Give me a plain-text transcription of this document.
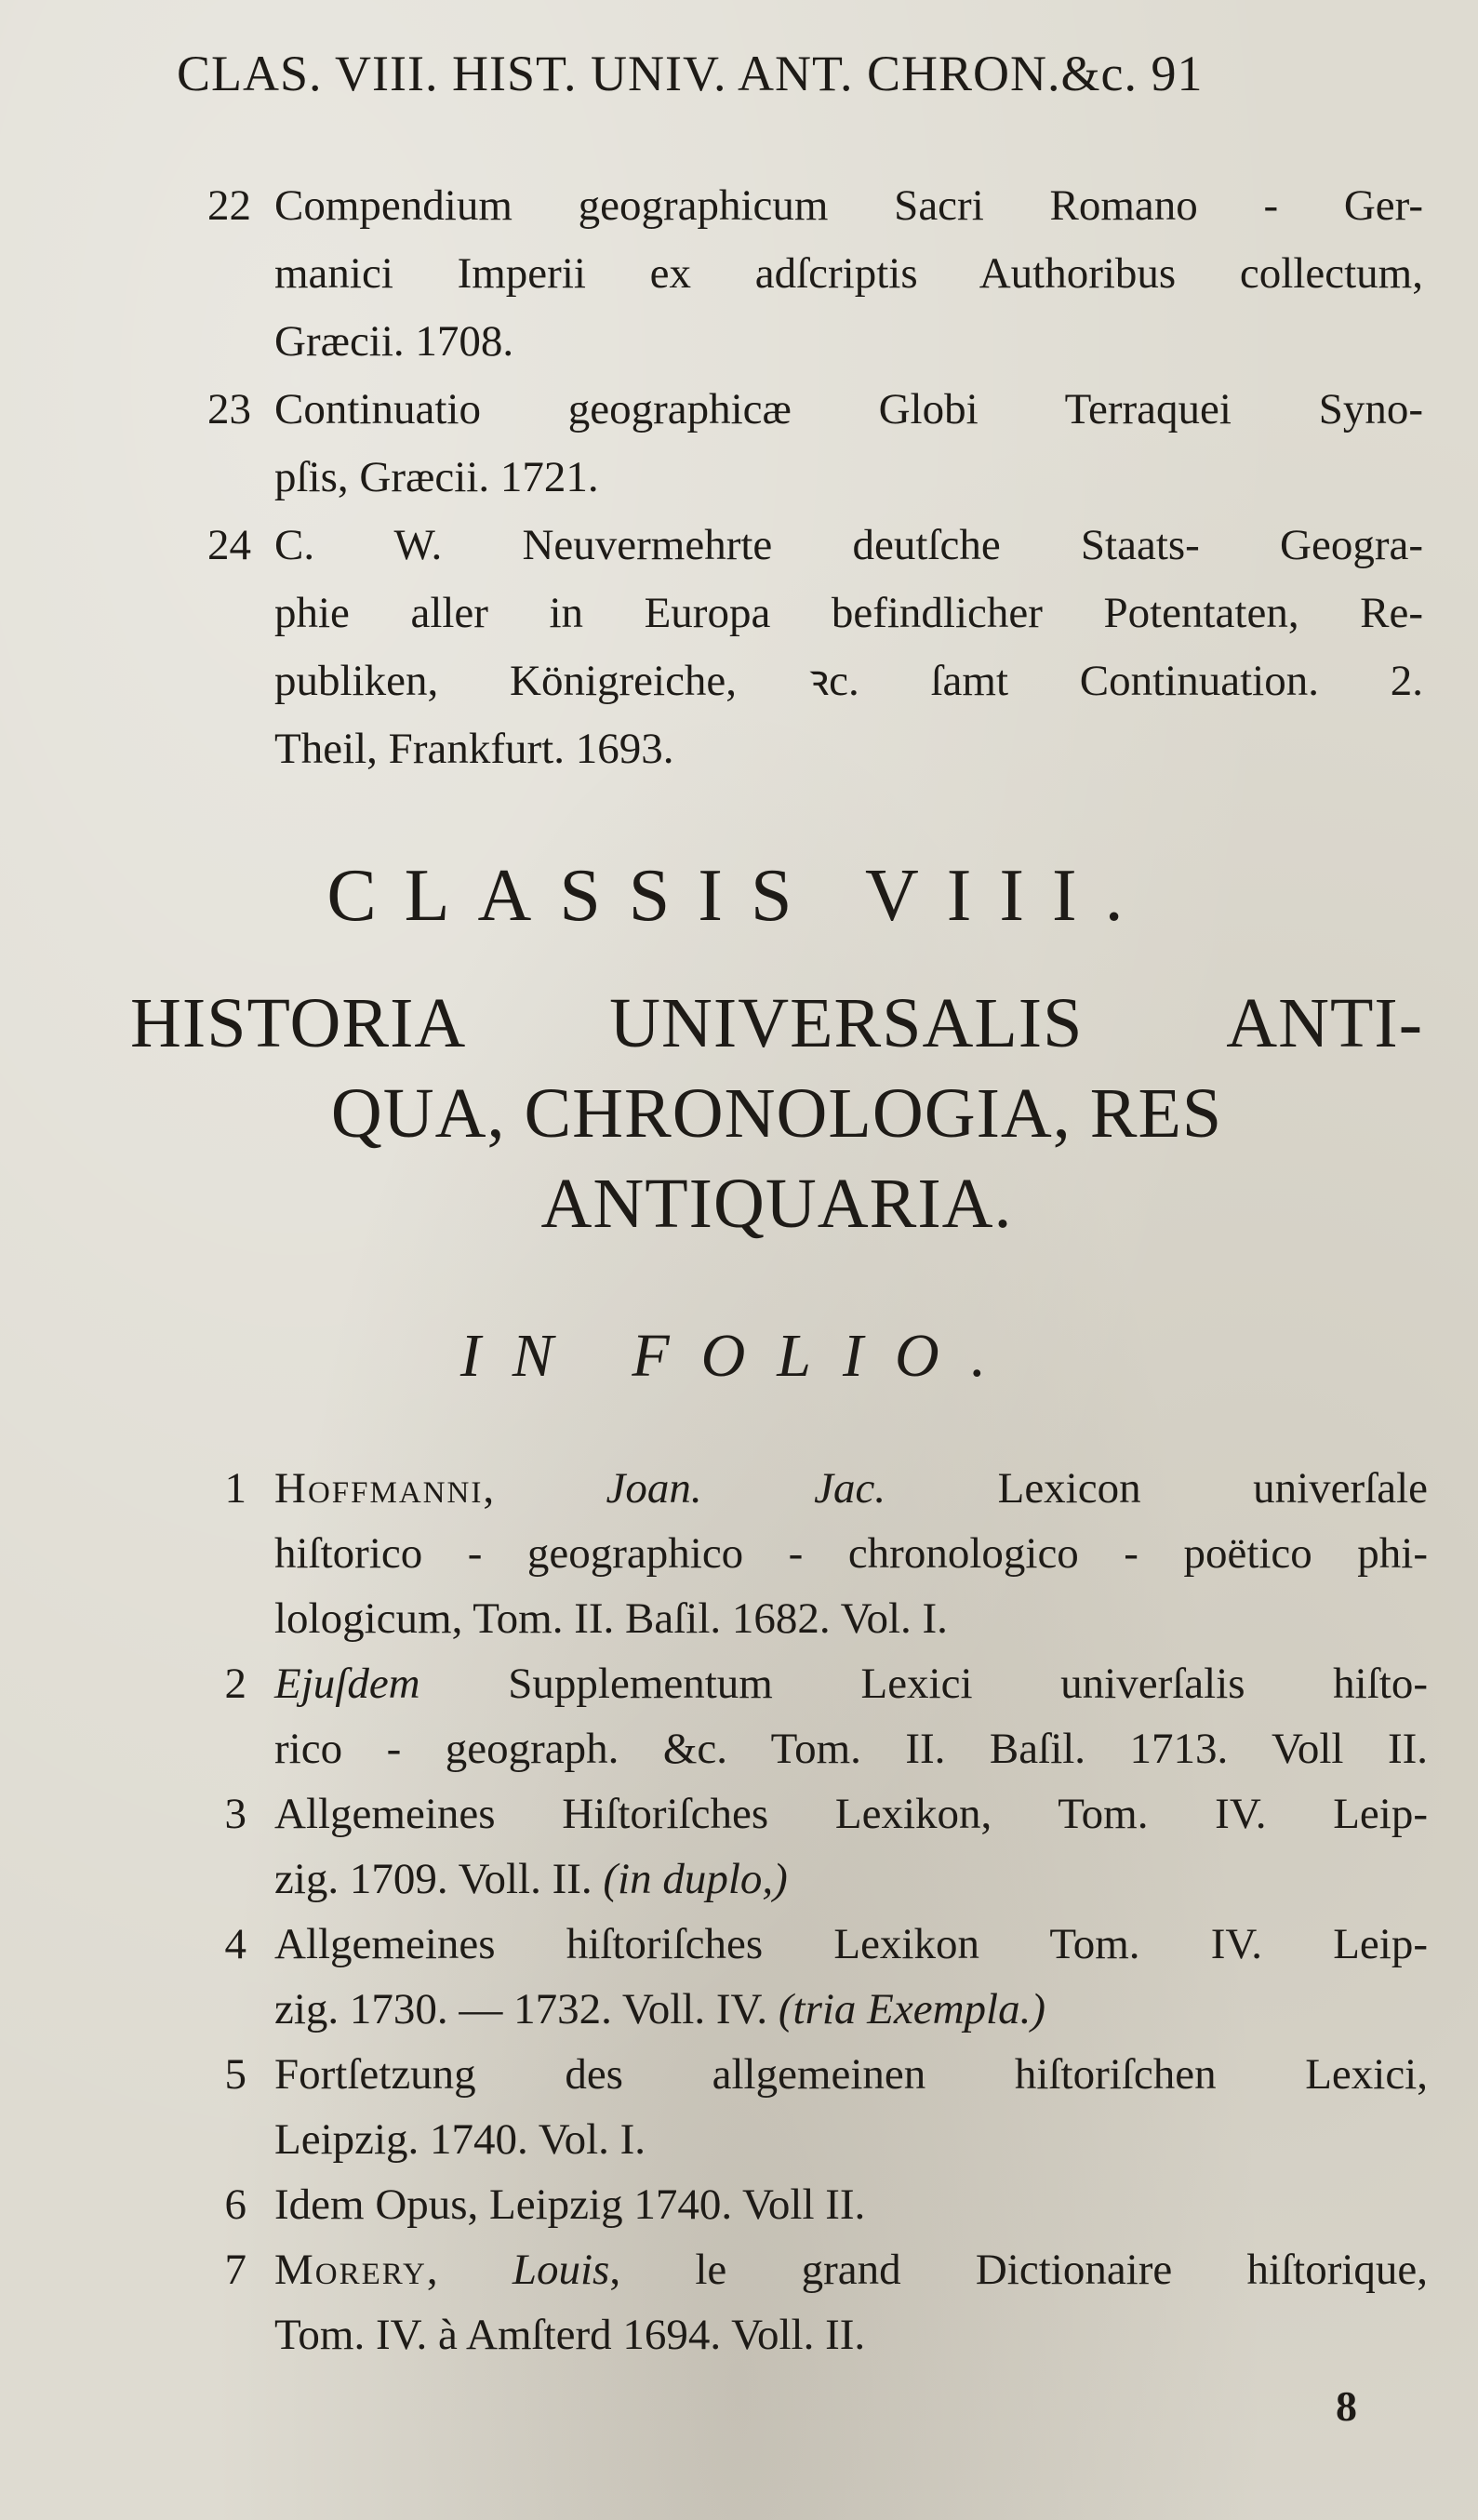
CLAS. VIII. HIST. UNIV. ANT. CHRON.&c. 91
22 Compendium geographicum Sacri Romano - Ger-
manici Imperii ex adſcriptis Authoribus collectum,
Græcii. 1708.
23 Continuatio geographicæ Globi Terraquei Syno-
pſis, Græcii. 1721.
24 C. W. Neuvermehrte deutſche Staats- Geogra-
phie aller in Europa befindlicher Potentaten, Re-
publiken, Königreiche, ꝛc. ſamt Continuation. 2.
Theil, Frankfurt. 1693.
CLASSIS VIII.
HISTORIA UNIVERSALIS ANTI-
QUA, CHRONOLOGIA, RES
ANTIQUARIA.
IN FOLIO.
1 Hoffmanni, Joan. Jac.	Lexicon univerſale
hiſtorico - geographico - chronologico - poëtico phi-
lologicum, Tom. II. Baſil. 1682. Vol. I.
2 Ejuſdem Supplementum Lexici univerſalis hiſto-
rico - geograph. &c. Tom. II. Baſil. 1713. Voll II.
3 Allgemeines Hiſtoriſches Lexikon, Tom. IV. Leip-
zig. 1709. Voll. II. (in duplo,)
4 Allgemeines hiſtoriſches Lexikon Tom. IV. Leip-
zig. 1730. — 1732. Voll. IV. (tria Exempla.)
5 Fortſetzung des allgemeinen hiſtoriſchen Lexici,
Leipzig. 1740. Vol. I.
6 Idem Opus, Leipzig 1740. Voll II.
7 Morery, Louis, le grand Dictionaire hiſtorique,
Tom. IV. à Amſterd 1694. Voll. II.
8
